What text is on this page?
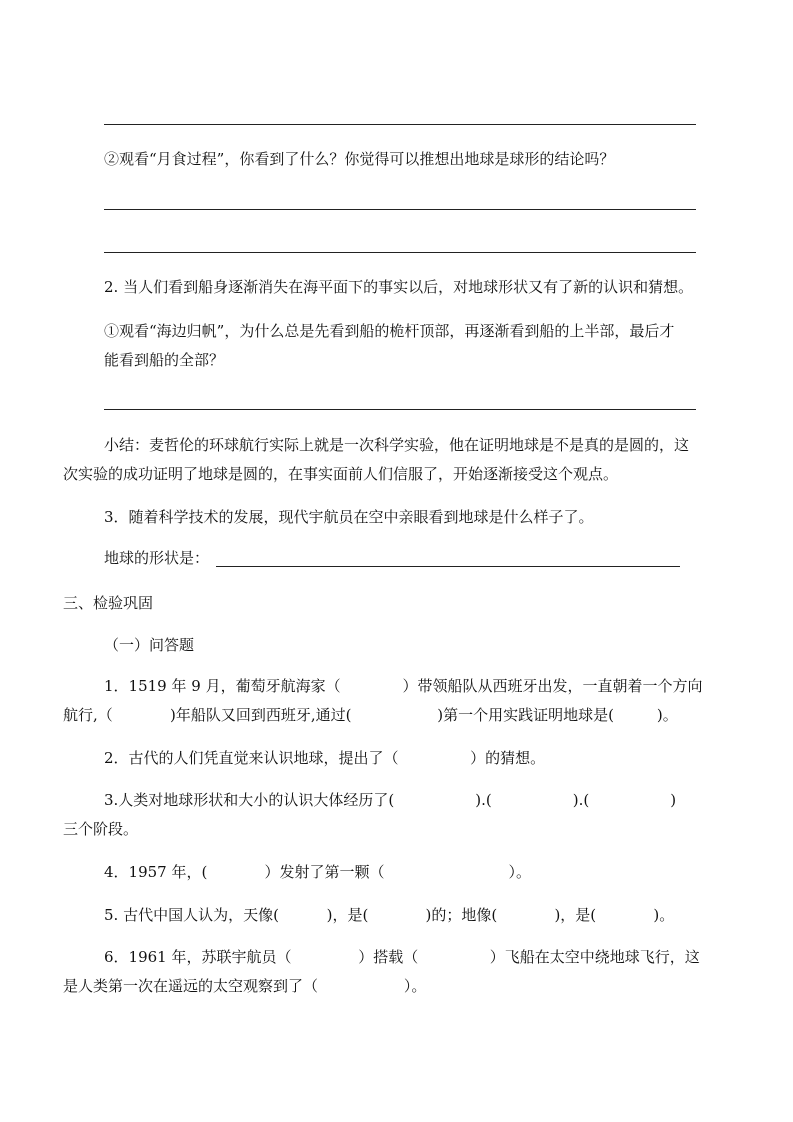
②观看“月食过程”，你看到了什么？你觉得可以推想出地球是球形的结论吗？
2. 当人们看到船身逐渐消失在海平面下的事实以后，对地球形状又有了新的认识和猜想。
①观看“海边归帆”，为什么总是先看到船的桅杆顶部，再逐渐看到船的上半部，最后才
能看到船的全部？
小结：麦哲伦的环球航行实际上就是一次科学实验，他在证明地球是不是真的是圆的，这
次实验的成功证明了地球是圆的，在事实面前人们信服了，开始逐渐接受这个观点。
3．随着科学技术的发展，现代宇航员在空中亲眼看到地球是什么样子了。
地球的形状是：
三、检验巩固
（一）问答题
1．1519 年 9 月，葡萄牙航海家（             ）带领船队从西班牙出发，一直朝着一个方向
航行,（            )年船队又回到西班牙,通过(                  )第一个用实践证明地球是(         )。
2．古代的人们凭直觉来认识地球，提出了（               ）的猜想。
3.人类对地球形状和大小的认识大体经历了(                 ).(                 ).(                 )
三个阶段。
4．1957 年，(            ）发射了第一颗（                          ）。
5. 古代中国人认为，天像(          )，是(            )的；地像(            )，是(            )。
6．1961 年，苏联宇航员（              ）搭载（               ）飞船在太空中绕地球飞行，这
是人类第一次在遥远的太空观察到了（                  ）。
